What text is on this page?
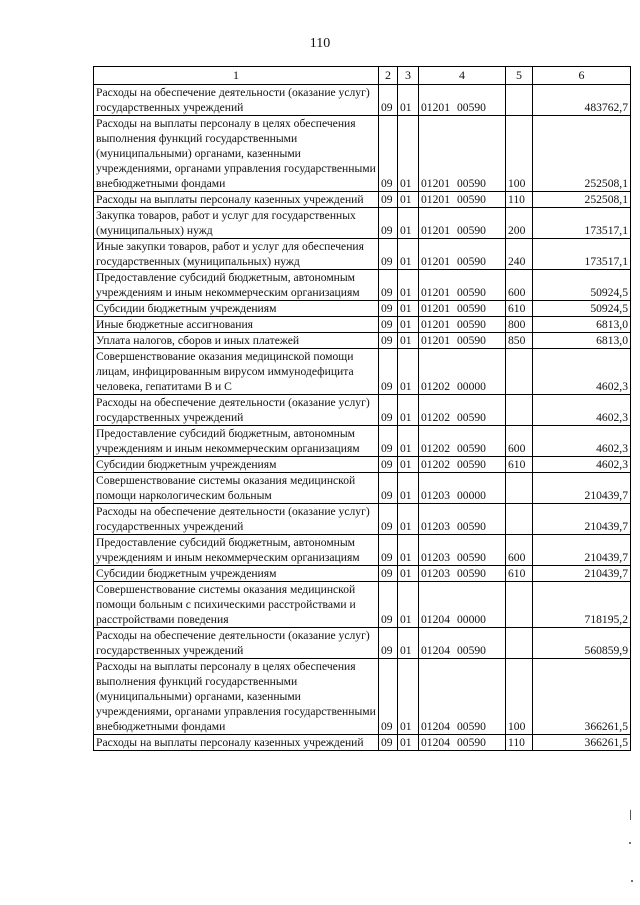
110
1	2	3	4	5	6
Расходы на обеспечение деятельности (оказание услуг) государственных учреждений	09	01	01201 00590		483762,7
Расходы на выплаты персоналу в целях обеспечения выполнения функций государственными (муниципальными) органами, казенными учреждениями, органами управления государственными внебюджетными фондами	09	01	01201 00590	100	252508,1
Расходы на выплаты персоналу казенных учреждений	09	01	01201 00590	110	252508,1
Закупка товаров, работ и услуг для государственных (муниципальных) нужд	09	01	01201 00590	200	173517,1
Иные закупки товаров, работ и услуг для обеспечения государственных (муниципальных) нужд	09	01	01201 00590	240	173517,1
Предоставление субсидий бюджетным, автономным учреждениям и иным некоммерческим организациям	09	01	01201 00590	600	50924,5
Субсидии бюджетным учреждениям	09	01	01201 00590	610	50924,5
Иные бюджетные ассигнования	09	01	01201 00590	800	6813,0
Уплата налогов, сборов и иных платежей	09	01	01201 00590	850	6813,0
Совершенствование оказания медицинской помощи лицам, инфицированным вирусом иммунодефицита человека, гепатитами В и С	09	01	01202 00000		4602,3
Расходы на обеспечение деятельности (оказание услуг) государственных учреждений	09	01	01202 00590		4602,3
Предоставление субсидий бюджетным, автономным учреждениям и иным некоммерческим организациям	09	01	01202 00590	600	4602,3
Субсидии бюджетным учреждениям	09	01	01202 00590	610	4602,3
Совершенствование системы оказания медицинской помощи наркологическим больным	09	01	01203 00000		210439,7
Расходы на обеспечение деятельности (оказание услуг) государственных учреждений	09	01	01203 00590		210439,7
Предоставление субсидий бюджетным, автономным учреждениям и иным некоммерческим организациям	09	01	01203 00590	600	210439,7
Субсидии бюджетным учреждениям	09	01	01203 00590	610	210439,7
Совершенствование системы оказания медицинской помощи больным с психическими расстройствами и расстройствами поведения	09	01	01204 00000		718195,2
Расходы на обеспечение деятельности (оказание услуг) государственных учреждений	09	01	01204 00590		560859,9
Расходы на выплаты персоналу в целях обеспечения выполнения функций государственными (муниципальными) органами, казенными учреждениями, органами управления государственными внебюджетными фондами	09	01	01204 00590	100	366261,5
Расходы на выплаты персоналу казенных учреждений	09	01	01204 00590	110	366261,5
